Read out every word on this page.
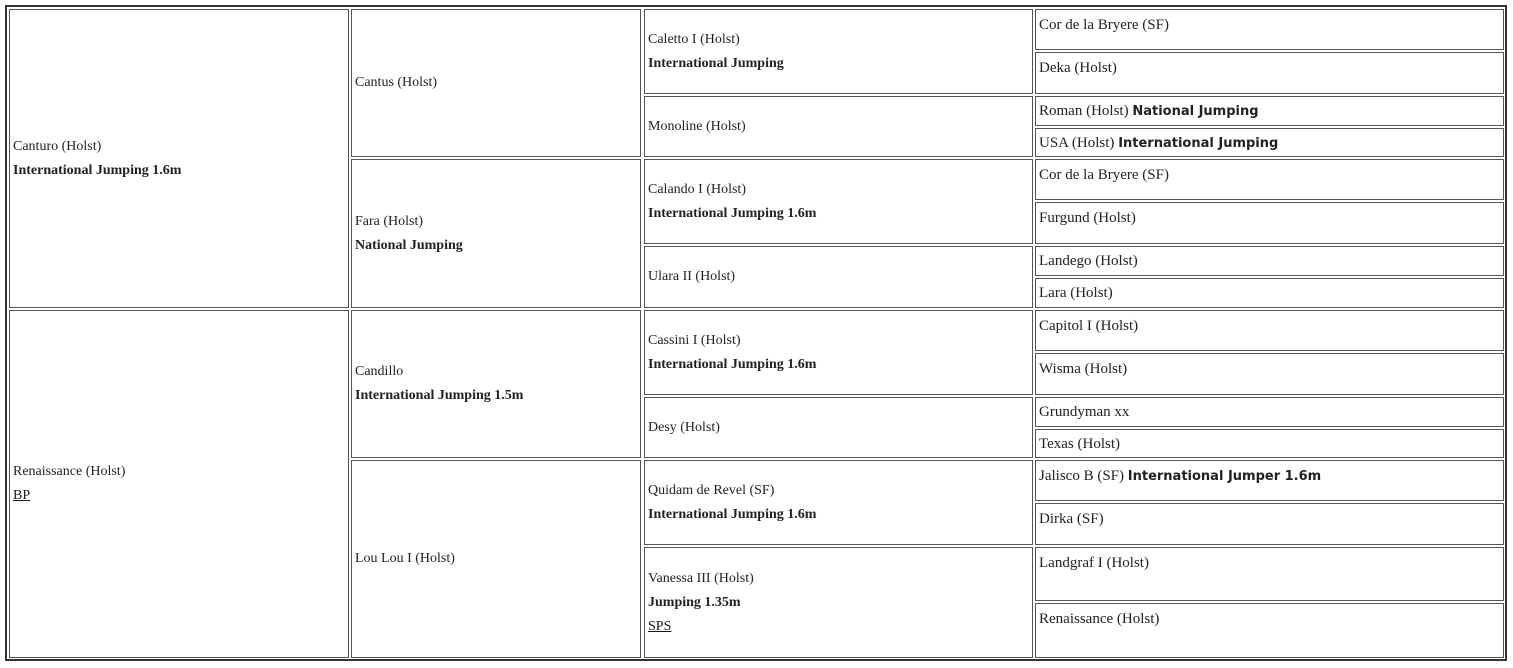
Canturo (Holst)
International Jumping 1.6m
Renaissance (Holst)
BP
Cantus (Holst)
Fara (Holst)
National Jumping
Candillo
International Jumping 1.5m
Lou Lou I (Holst)
Caletto I (Holst)
International Jumping
Monoline (Holst)
Calando I (Holst)
International Jumping 1.6m
Ulara II (Holst)
Cassini I (Holst)
International Jumping 1.6m
Desy (Holst)
Quidam de Revel (SF)
International Jumping 1.6m
Vanessa III (Holst)
Jumping 1.35m
SPS
Cor de la Bryere (SF)
Deka (Holst)
Roman (Holst) National Jumping
USA (Holst) International Jumping
Cor de la Bryere (SF)
Furgund (Holst)
Landego (Holst)
Lara (Holst)
Capitol I (Holst)
Wisma (Holst)
Grundyman xx
Texas (Holst)
Jalisco B (SF) International Jumper 1.6m
Dirka (SF)
Landgraf I (Holst)
Renaissance (Holst)
